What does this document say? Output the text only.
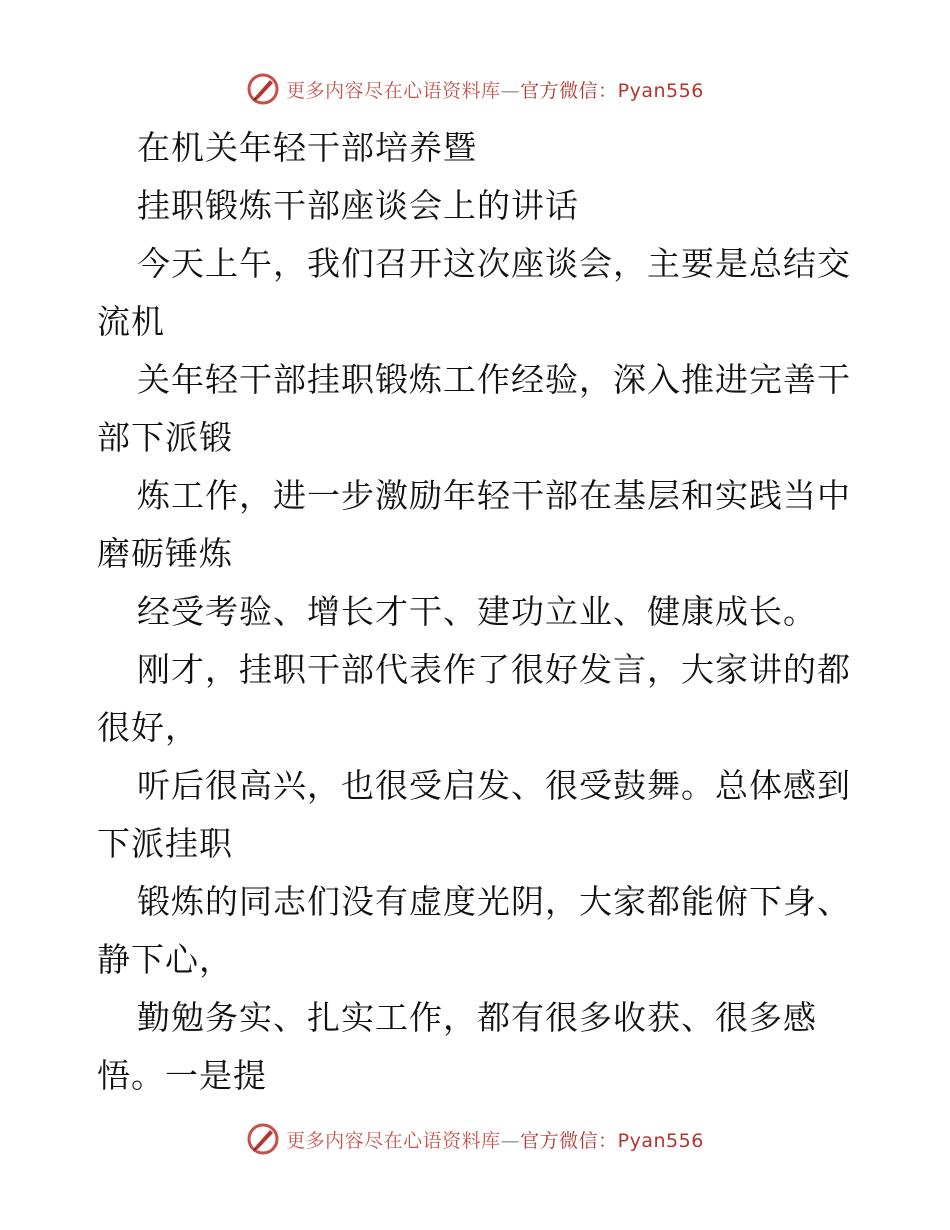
更多内容尽在心语资料库—官方微信：Pyan556
在机关年轻干部培养暨
挂职锻炼干部座谈会上的讲话
今天上午，我们召开这次座谈会，主要是总结交
流机
关年轻干部挂职锻炼工作经验，深入推进完善干
部下派锻
炼工作，进一步激励年轻干部在基层和实践当中
磨砺锤炼
经受考验、增长才干、建功立业、健康成长。
刚才，挂职干部代表作了很好发言，大家讲的都
很好，
听后很高兴，也很受启发、很受鼓舞。总体感到
下派挂职
锻炼的同志们没有虚度光阴，大家都能俯下身、
静下心，
勤勉务实、扎实工作，都有很多收获、很多感
悟。一是提
更多内容尽在心语资料库—官方微信：Pyan556
